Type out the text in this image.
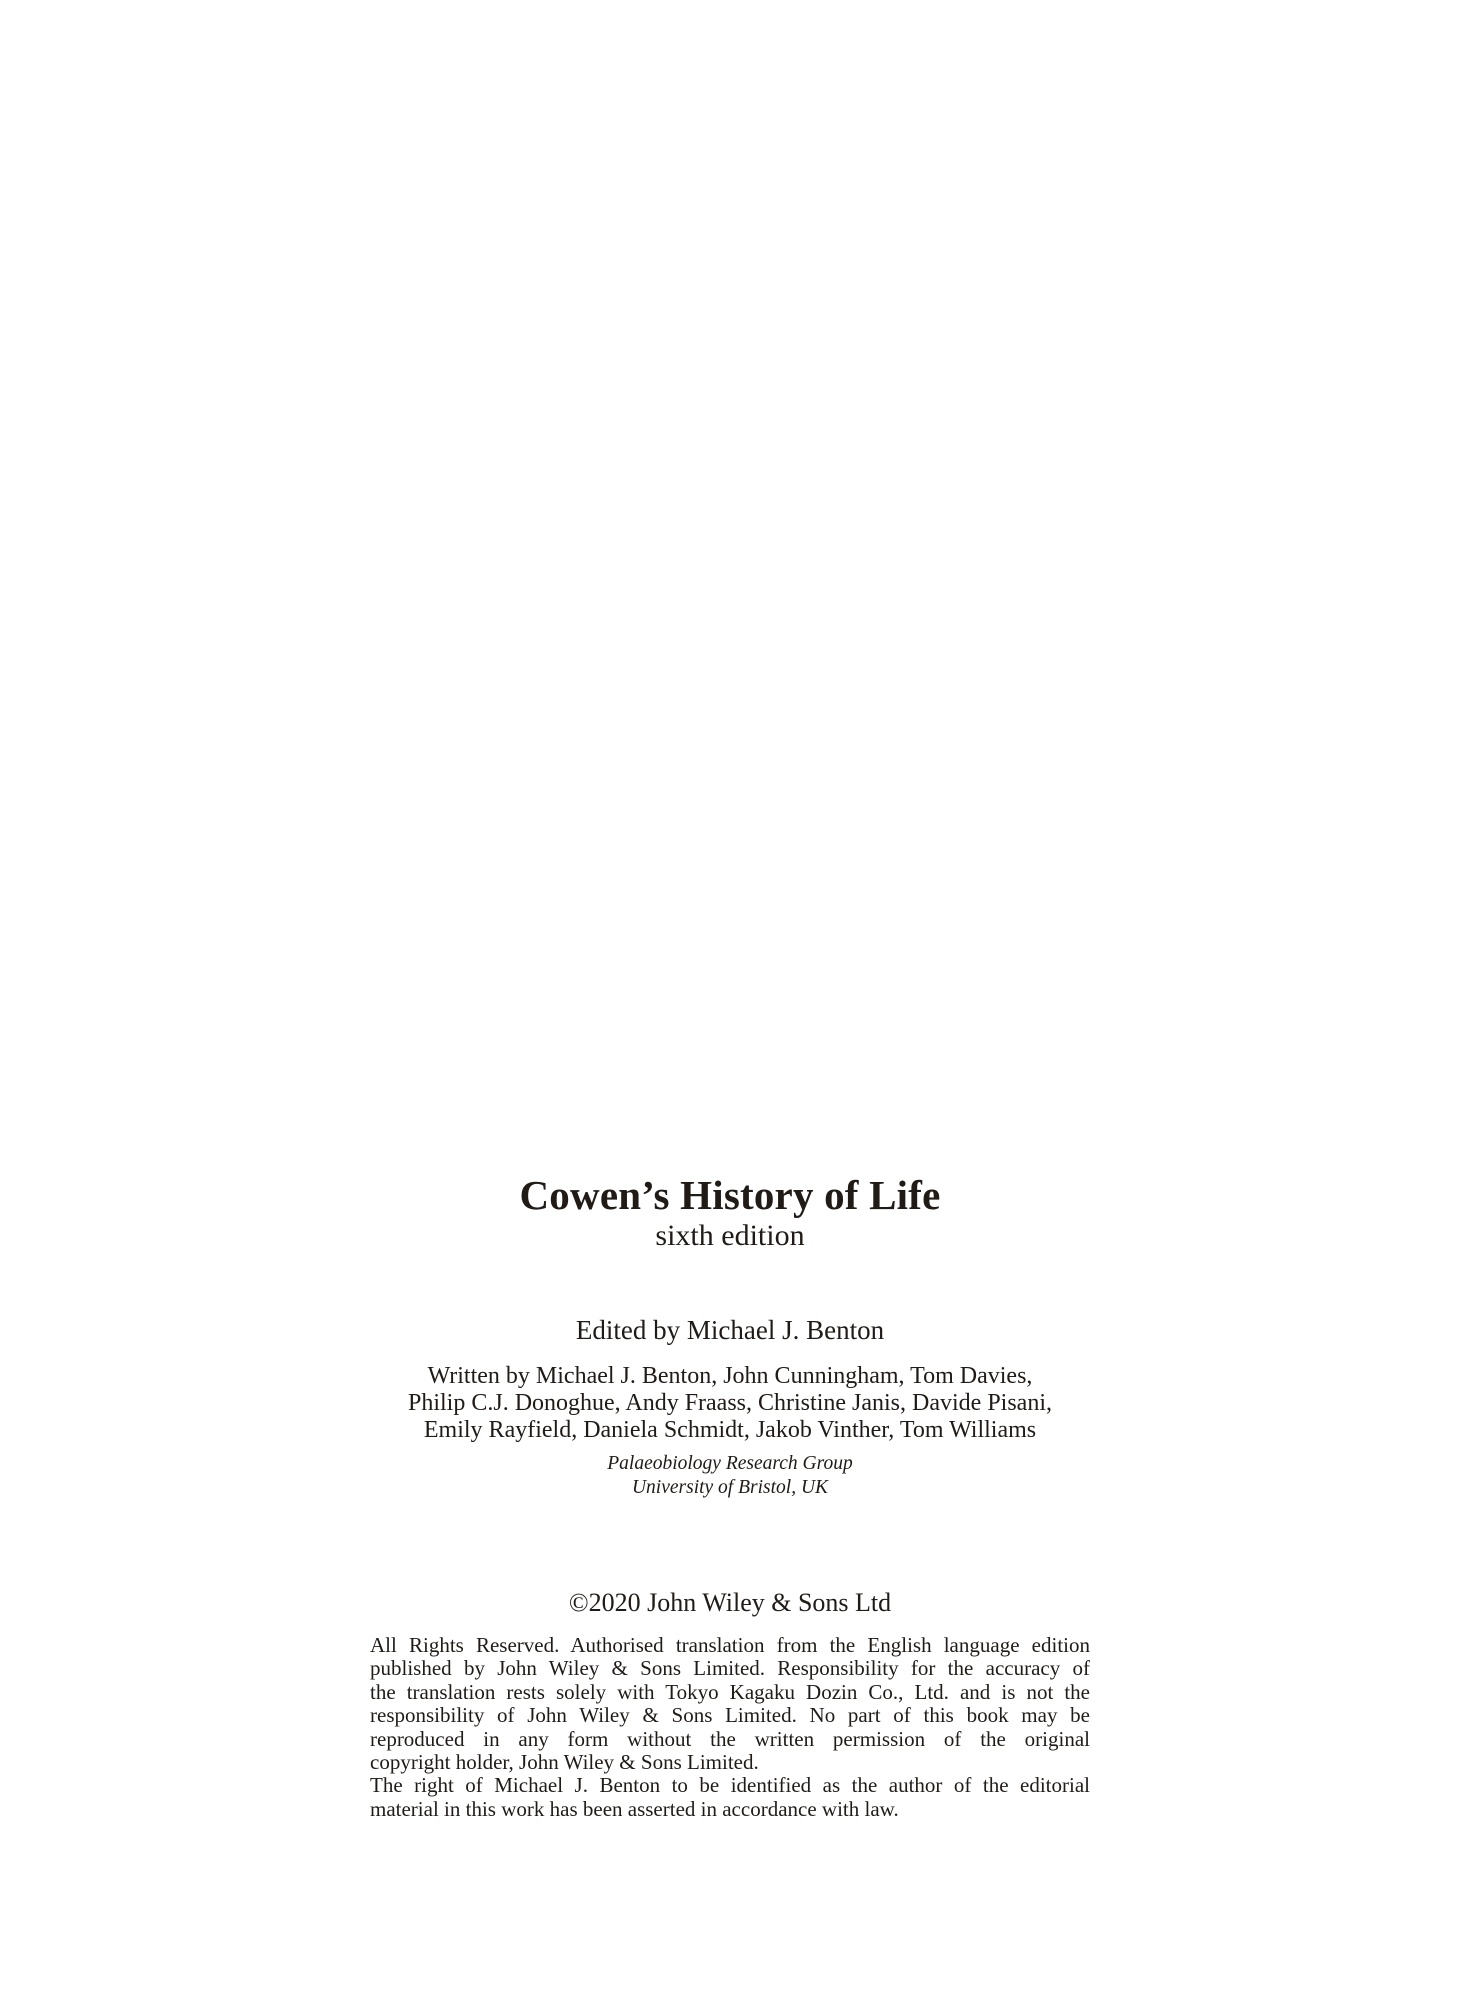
Cowen’s History of Life
sixth edition
Edited by Michael J. Benton
Written by Michael J. Benton, John Cunningham, Tom Davies,
Philip C.J. Donoghue, Andy Fraass, Christine Janis, Davide Pisani,
Emily Rayfield, Daniela Schmidt, Jakob Vinther, Tom Williams
Palaeobiology Research Group
University of Bristol, UK
©2020 John Wiley & Sons Ltd
All Rights Reserved. Authorised translation from the English language edition
published by John Wiley & Sons Limited. Responsibility for the accuracy of
the translation rests solely with Tokyo Kagaku Dozin Co., Ltd. and is not the
responsibility of John Wiley & Sons Limited. No part of this book may be
reproduced in any form without the written permission of the original
copyright holder, John Wiley & Sons Limited.
The right of Michael J. Benton to be identified as the author of the editorial
material in this work has been asserted in accordance with law.
